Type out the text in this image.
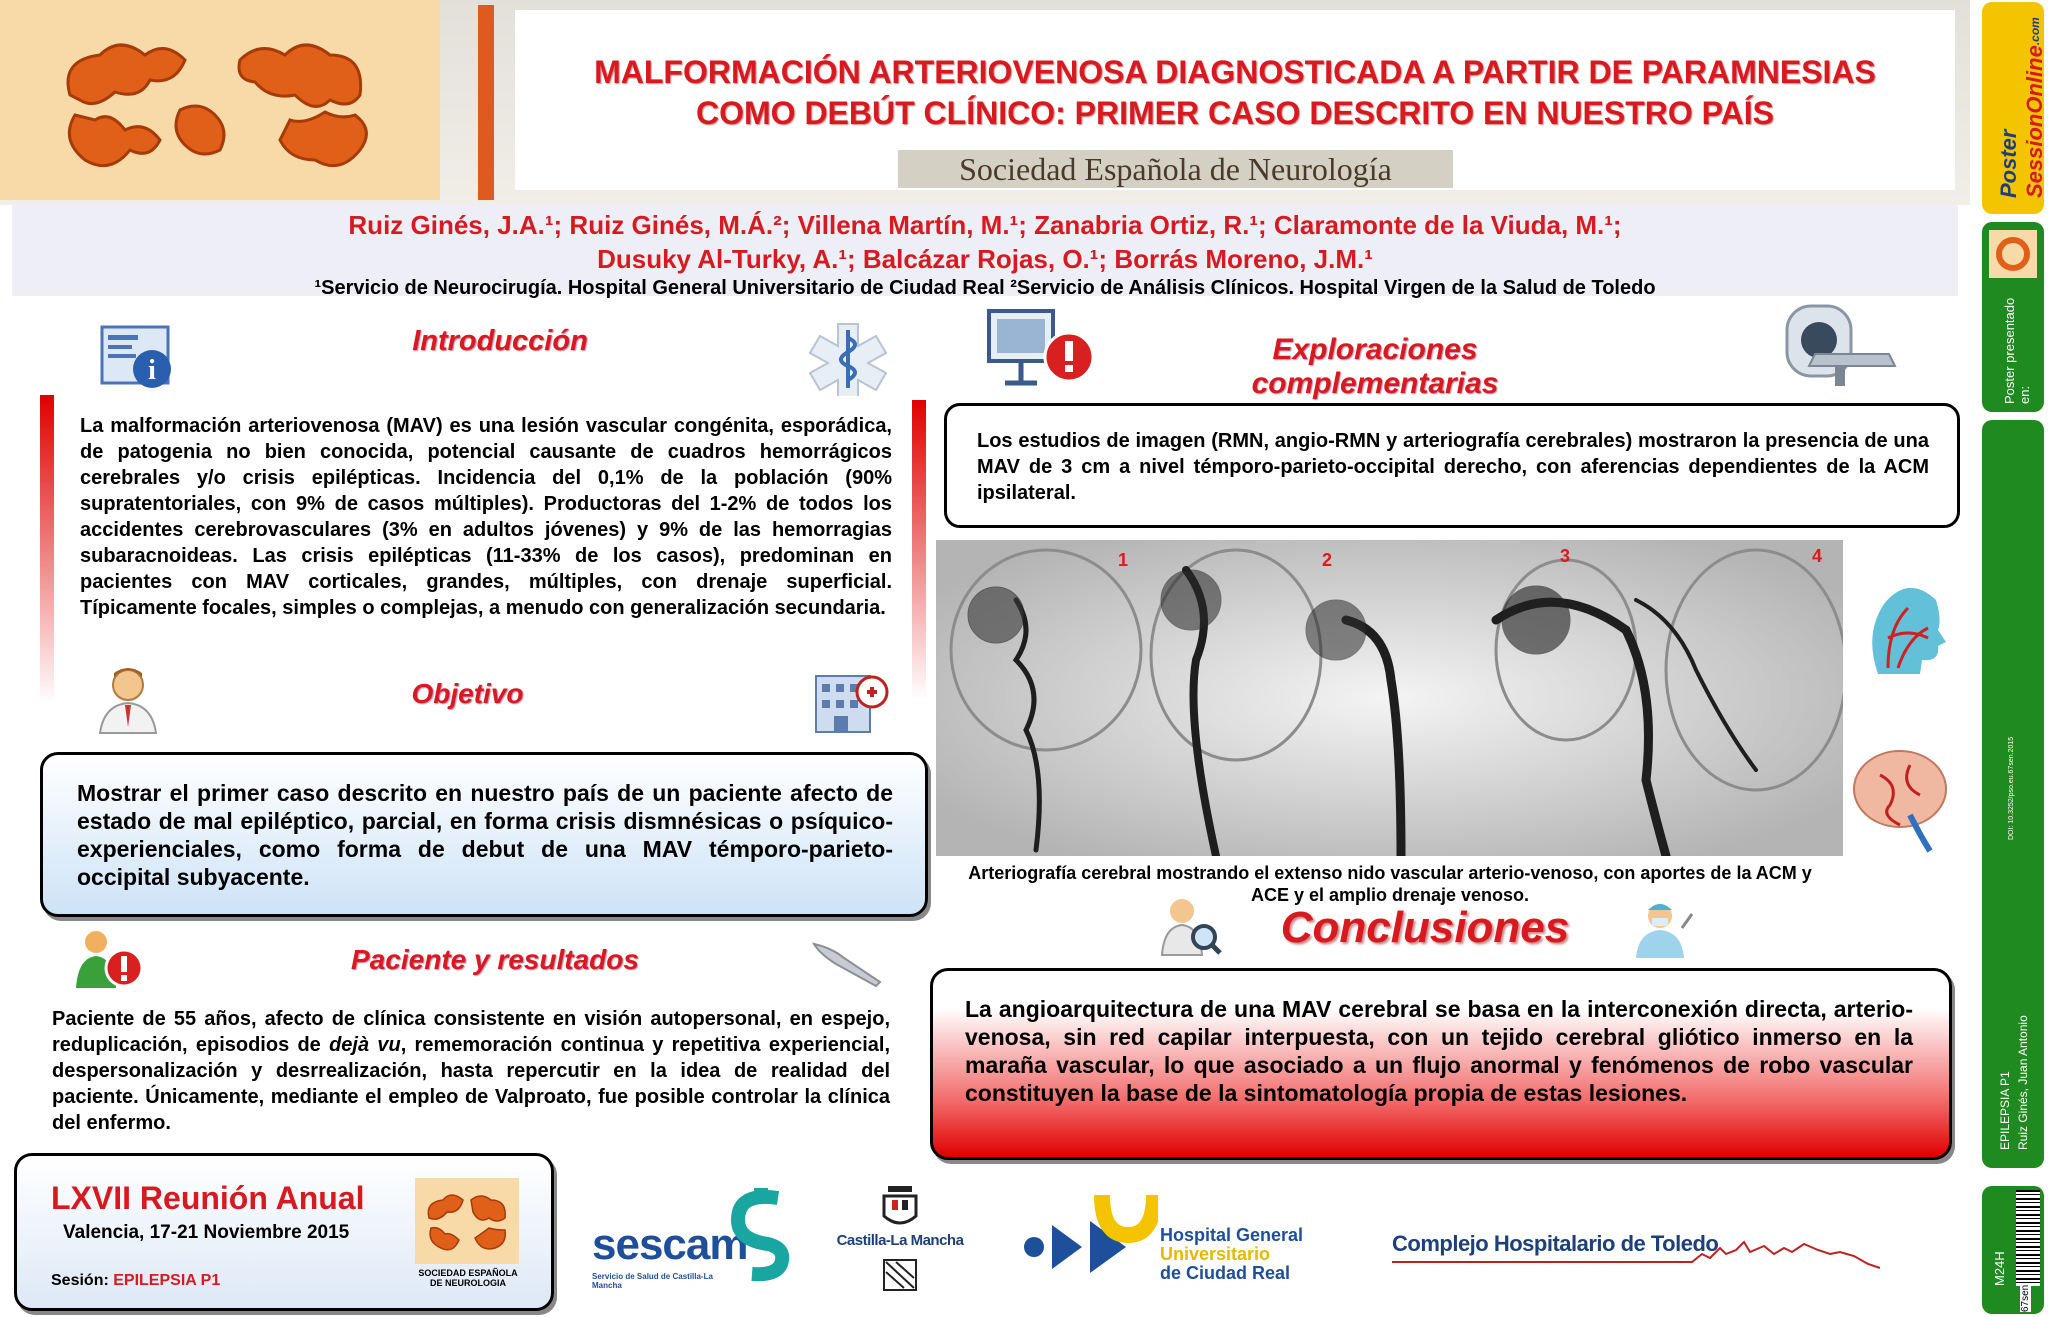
MALFORMACIÓN ARTERIOVENOSA DIAGNOSTICADA A PARTIR DE PARAMNESIAS
COMO DEBÚT CLÍNICO: PRIMER CASO DESCRITO EN NUESTRO PAÍS
Sociedad Española de Neurología
Ruiz Ginés, J.A.¹; Ruiz Ginés, M.Á.²; Villena Martín, M.¹; Zanabria Ortiz, R.¹; Claramonte de la Viuda, M.¹;
Dusuky Al-Turky, A.¹; Balcázar Rojas, O.¹; Borrás Moreno, J.M.¹
¹Servicio de Neurocirugía. Hospital General Universitario de Ciudad Real ²Servicio de Análisis Clínicos. Hospital Virgen de la Salud de Toledo
i
Introducción
La malformación arteriovenosa (MAV) es una lesión vascular congénita, esporádica, de patogenia no bien conocida, potencial causante de cuadros hemorrágicos cerebrales y/o crisis epilépticas. Incidencia del 0,1% de la población (90% supratentoriales, con 9% de casos múltiples). Productoras del 1-2% de todos los accidentes cerebrovasculares (3% en adultos jóvenes) y 9% de las hemorragias subaracnoideas. Las crisis epilépticas (11-33% de los casos), predominan en pacientes con MAV corticales, grandes, múltiples, con drenaje superficial. Típicamente focales, simples o complejas, a menudo con generalización secundaria.
Objetivo
Mostrar el primer caso descrito en nuestro país de un paciente afecto de estado de mal epiléptico, parcial, en forma crisis dismnésicas o psíquico-experienciales, como forma de debut de una MAV témporo-parieto-occipital subyacente.
Paciente y resultados
Paciente de 55 años, afecto de clínica consistente en visión autopersonal, en espejo, reduplicación, episodios de dejà vu, rememoración continua y repetitiva experiencial, despersonalización y desrrealización, hasta repercutir en la idea de realidad del paciente. Únicamente, mediante el empleo de Valproato, fue posible controlar la clínica del enfermo.
LXVII Reunión Anual
Valencia, 17-21 Noviembre 2015
Sesión: EPILEPSIA P1	SOCIEDAD ESPAÑOLA DE NEUROLOGIA
Exploraciones complementarias
Los estudios de imagen (RMN, angio-RMN y arteriografía cerebrales) mostraron la presencia de una MAV de 3 cm a nivel témporo-parieto-occipital derecho, con aferencias dependientes de la ACM ipsilateral.
1	2	3	4
Arteriografía cerebral mostrando el extenso nido vascular arterio-venoso, con aportes de la ACM y ACE y el amplio drenaje venoso.
Conclusiones
La angioarquitectura de una MAV cerebral se basa en la interconexión directa, arterio-venosa, sin red capilar interpuesta, con un tejido cerebral gliótico inmerso en la maraña vascular, lo que asociado a un flujo anormal y fenómenos de robo vascular constituyen la base de la sintomatología propia de estas lesiones.
sescam
Servicio de Salud de Castilla-La Mancha
Castilla-La Mancha	Hospital General
Universitario
de Ciudad Real
Complejo Hospitalario de Toledo
Poster SessionOnline.com
Poster presentado en:
DOI: 10.3252/pso.eu.67sen.2015
EPILEPSIA P1 Ruiz Ginés, Juan Antonio
M24H
67sen
